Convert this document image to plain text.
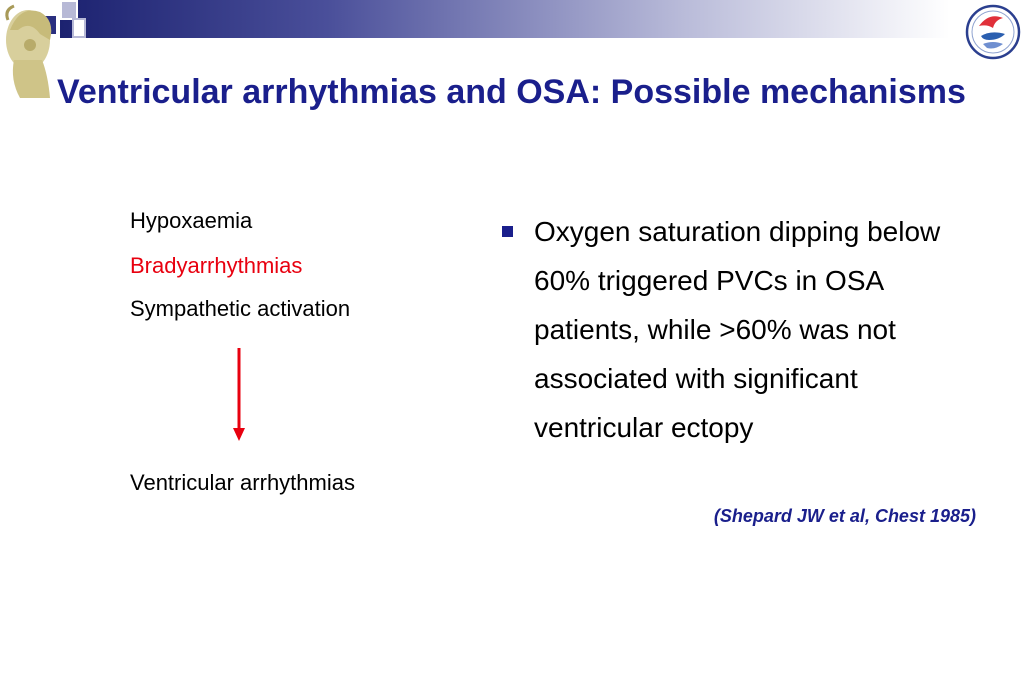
Ventricular arrhythmias and OSA: Possible mechanisms
Hypoxaemia
Bradyarrhythmias
Sympathetic activation
Ventricular arrhythmias

Oxygen saturation dipping below 60% triggered PVCs in OSA patients, while >60% was not associated with significant ventricular ectopy

(Shepard JW et al, Chest 1985)
